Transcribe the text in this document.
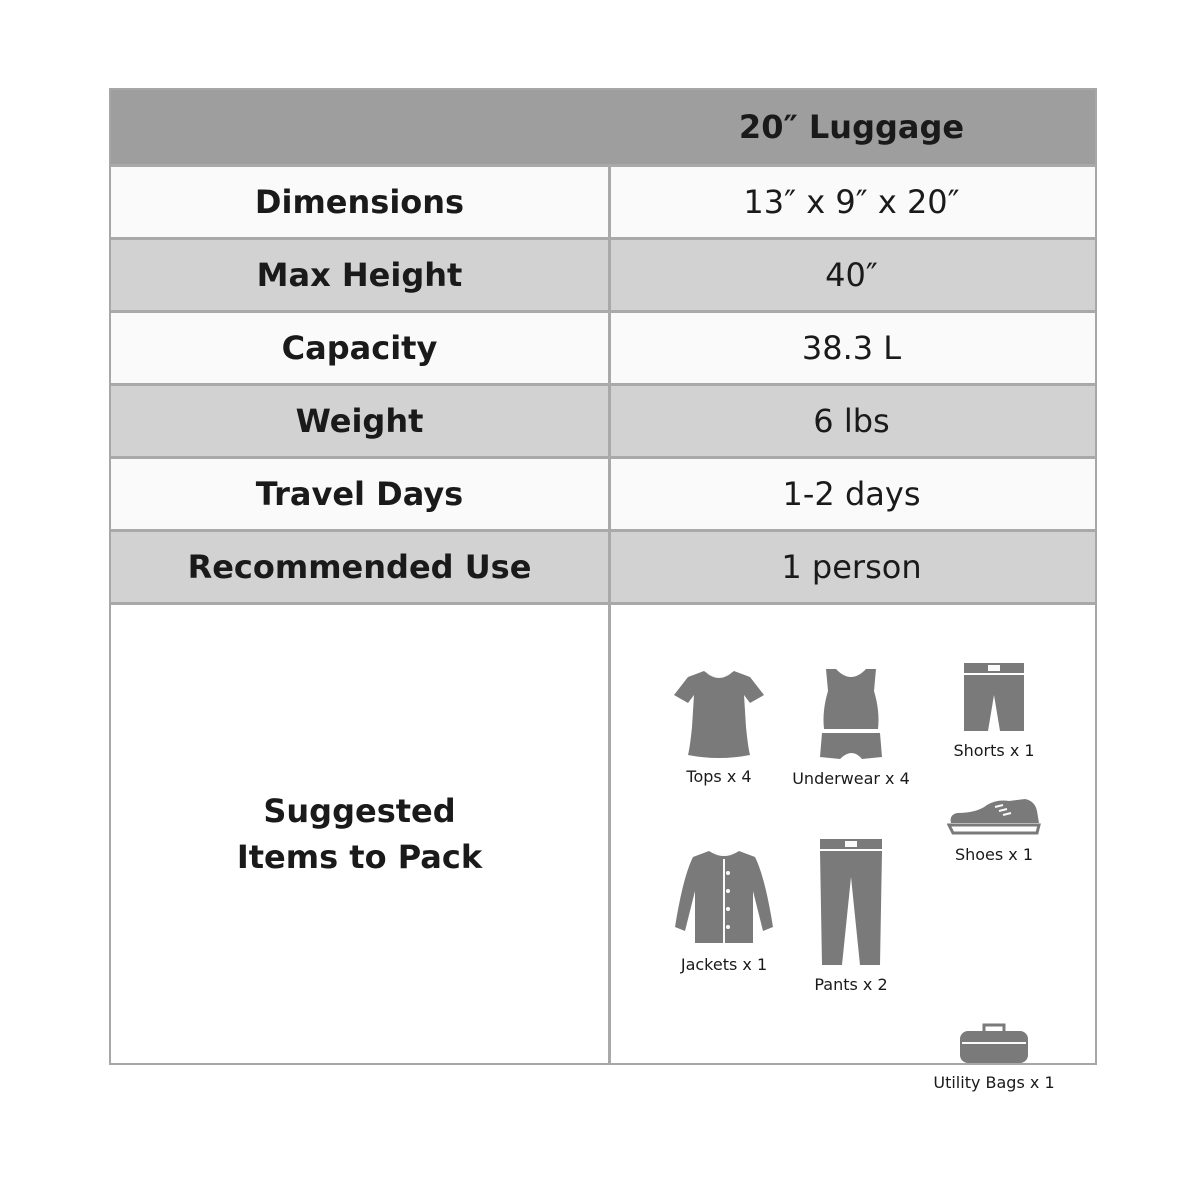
20″ Luggage
Dimensions	13″ x 9″ x 20″
Max Height	40″
Capacity	38.3 L
Weight	6 lbs
Travel Days	1-2 days
Recommended Use	1 person
Suggested
Items to Pack
Tops x 4	Underwear x 4
Shorts x 1
Shoes x 1
Jackets x 1
Pants x 2
Utility Bags x 1
